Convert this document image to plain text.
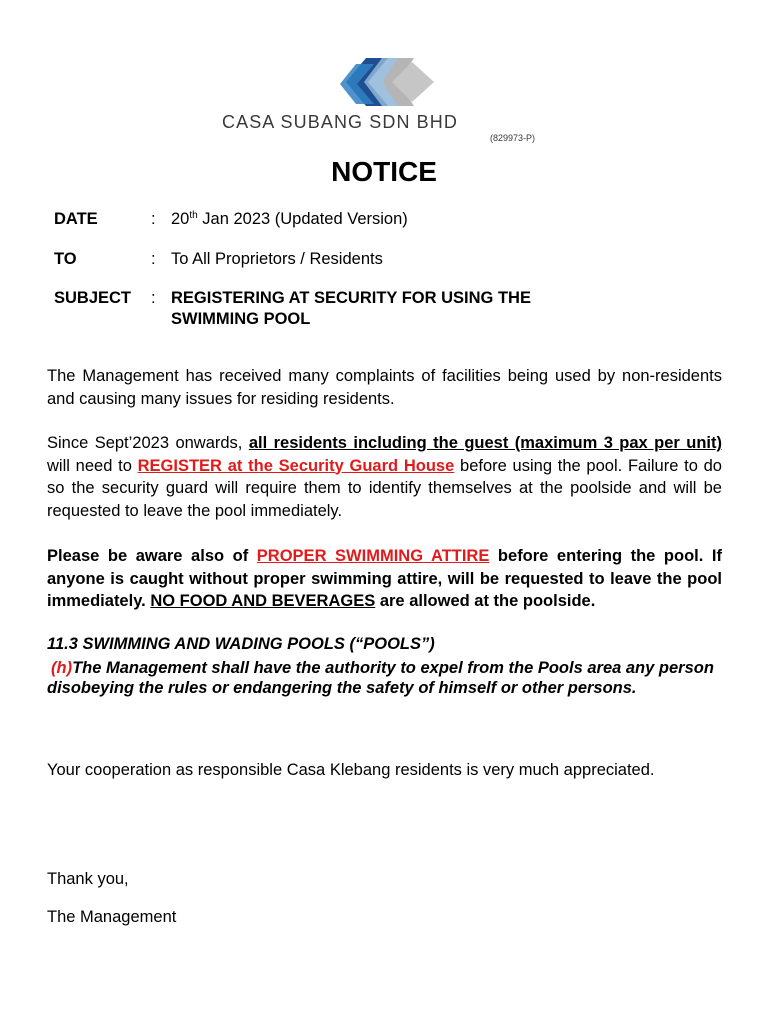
CASA SUBANG SDN BHD
(829973-P)
NOTICE
DATE	: 20th Jan 2023 (Updated Version)
TO	: To All Proprietors / Residents
SUBJECT : REGISTERING AT SECURITY FOR USING THE SWIMMING POOL
The Management has received many complaints of facilities being used by non-residents and causing many issues for residing residents.
Since Sept’2023 onwards, all residents including the guest (maximum 3 pax per unit) will need to REGISTER at the Security Guard House before using the pool. Failure to do so the security guard will require them to identify themselves at the poolside and will be requested to leave the pool immediately.
Please be aware also of PROPER SWIMMING ATTIRE before entering the pool. If anyone is caught without proper swimming attire, will be requested to leave the pool immediately. NO FOOD AND BEVERAGES are allowed at the poolside.
11.3 SWIMMING AND WADING POOLS (“POOLS”)
(h)The Management shall have the authority to expel from the Pools area any person disobeying the rules or endangering the safety of himself or other persons.
Your cooperation as responsible Casa Klebang residents is very much appreciated.
Thank you,
The Management
